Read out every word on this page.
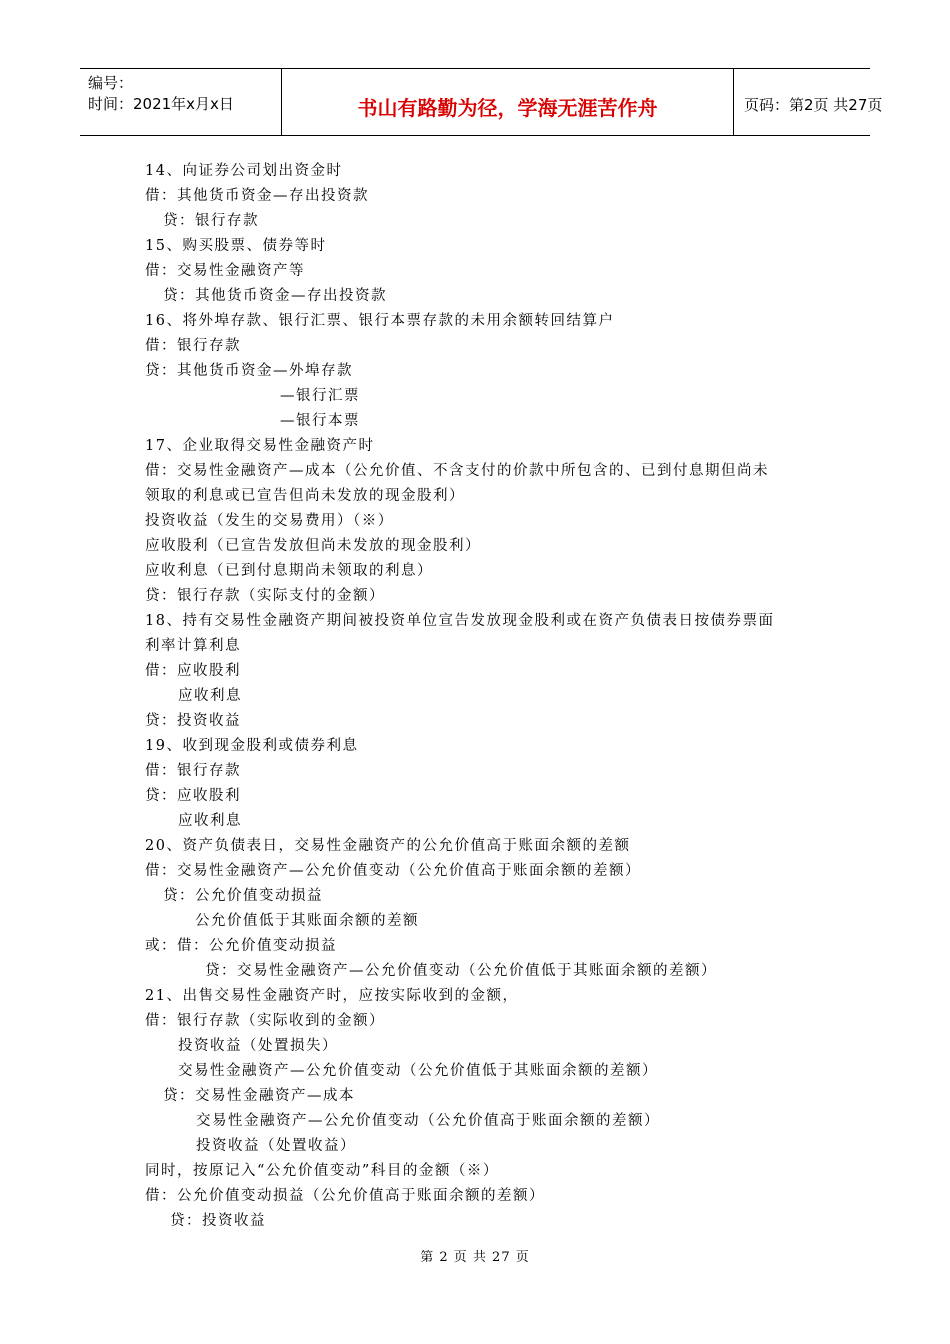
编号：
时间：2021年x月x日	书山有路勤为径，学海无涯苦作舟	页码：第2页 共27页
14、向证券公司划出资金时
借：其他货币资金—存出投资款
贷：银行存款
15、购买股票、债券等时
借：交易性金融资产等
贷：其他货币资金—存出投资款
16、将外埠存款、银行汇票、银行本票存款的未用余额转回结算户
借：银行存款
贷：其他货币资金—外埠存款
—银行汇票
—银行本票
17、企业取得交易性金融资产时
借：交易性金融资产—成本（公允价值、不含支付的价款中所包含的、已到付息期但尚未
领取的利息或已宣告但尚未发放的现金股利）
投资收益（发生的交易费用）（※）
应收股利（已宣告发放但尚未发放的现金股利）
应收利息（已到付息期尚未领取的利息）
贷：银行存款（实际支付的金额）
18、持有交易性金融资产期间被投资单位宣告发放现金股利或在资产负债表日按债券票面
利率计算利息
借：应收股利
应收利息
贷：投资收益
19、收到现金股利或债券利息
借：银行存款
贷：应收股利
应收利息
20、资产负债表日，交易性金融资产的公允价值高于账面余额的差额
借：交易性金融资产—公允价值变动（公允价值高于账面余额的差额）
贷：公允价值变动损益
公允价值低于其账面余额的差额
或：借：公允价值变动损益
贷：交易性金融资产—公允价值变动（公允价值低于其账面余额的差额）
21、出售交易性金融资产时，应按实际收到的金额，
借：银行存款（实际收到的金额）
投资收益（处置损失）
交易性金融资产—公允价值变动（公允价值低于其账面余额的差额）
贷：交易性金融资产—成本
交易性金融资产—公允价值变动（公允价值高于账面余额的差额）
投资收益（处置收益）
同时，按原记入“公允价值变动”科目的金额（※）
借：公允价值变动损益（公允价值高于账面余额的差额）
贷：投资收益
第 2 页 共 27 页
